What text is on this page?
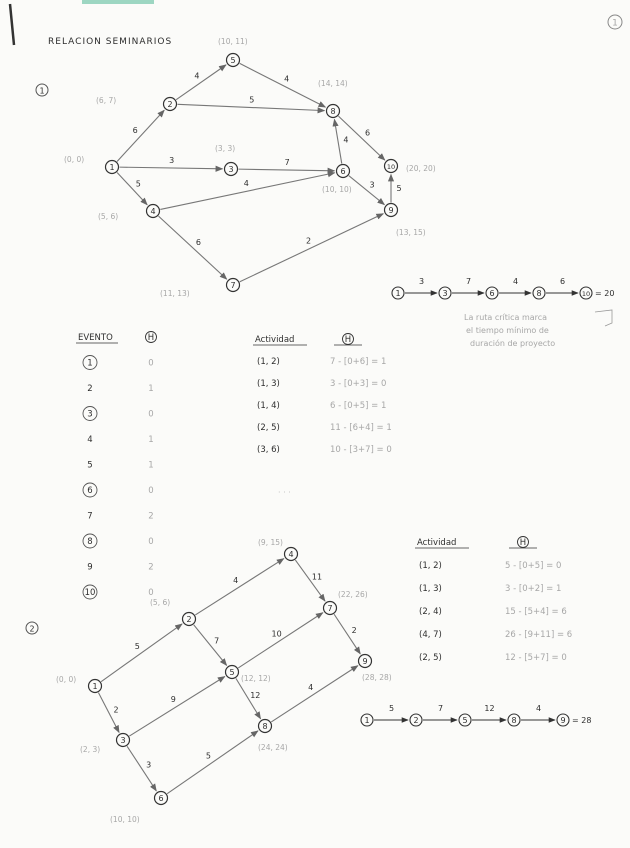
1
RELACION SEMINARIOS
1
6
3
5
4
5
7
4
6
4
4
3
2
6
5
1
(0, 0)
2
(6, 7)
3
(3, 3)
4
(5, 6)
5
(10, 11)
6
(10, 10)
7
(11, 13)
8
(14, 14)
9
(13, 15)
10 (20, 20)
1
3
3
7
6
4
8
6
10 = 20
La ruta crítica marca
el tiempo mínimo de
duración de proyecto
EVENTO	H
1	0
2	1
3	0
4	1
5	1
6	0
7	2
8	0
9	2
10	0
Actividad	H
(1, 2)	7 - [0+6] = 1
(1, 3)	3 - [0+3] = 0
(1, 4)	6 - [0+5] = 1
(2, 5)	11 - [6+4] = 1
(3, 6)	10 - [3+7] = 0
· · ·
2
5
2
4
7
9
3
11
10
12
5
2
4
1
(0, 0)
2
(5, 6)
3
(2, 3)
4
(9, 15)
5
(12, 12)
6
(10, 10)
7
(22, 26)
8
(24, 24)
9
(28, 28)
Actividad	H
(1, 2)	5 - [0+5] = 0
(1, 3)	3 - [0+2] = 1
(2, 4)	15 - [5+4] = 6
(4, 7)	26 - [9+11] = 6
(2, 5)	12 - [5+7] = 0
1
5
2
7
5
12
8
4
9 = 28
